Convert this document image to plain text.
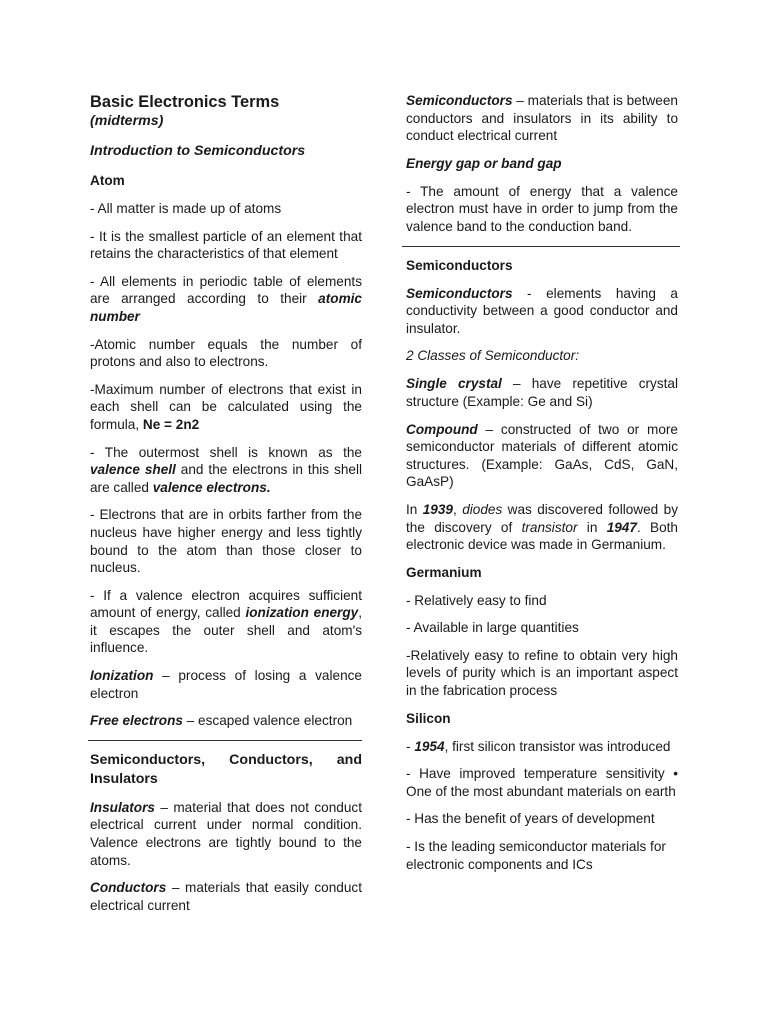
Basic Electronics Terms
(midterms)
Introduction to Semiconductors
Atom

- All matter is made up of atoms

- It is the smallest particle of an element that retains the characteristics of that element

- All elements in periodic table of elements are arranged according to their atomic number

-Atomic number equals the number of protons and also to electrons.

-Maximum number of electrons that exist in each shell can be calculated using the formula, Ne = 2n2

- The outermost shell is known as the valence shell and the electrons in this shell are called valence electrons.

- Electrons that are in orbits farther from the nucleus have higher energy and less tightly bound to the atom than those closer to nucleus.

- If a valence electron acquires sufficient amount of energy, called ionization energy, it escapes the outer shell and atom's influence.

Ionization – process of losing a valence electron

Free electrons – escaped valence electron

Semiconductors, Conductors, and Insulators

Insulators – material that does not conduct electrical current under normal condition. Valence electrons are tightly bound to the atoms.

Conductors – materials that easily conduct electrical current

Semiconductors – materials that is between conductors and insulators in its ability to conduct electrical current

Energy gap or band gap

- The amount of energy that a valence electron must have in order to jump from the valence band to the conduction band.

Semiconductors

Semiconductors - elements having a conductivity between a good conductor and insulator.

2 Classes of Semiconductor:

Single crystal – have repetitive crystal structure (Example: Ge and Si)

Compound – constructed of two or more semiconductor materials of different atomic structures. (Example: GaAs, CdS, GaN, GaAsP)

In 1939, diodes was discovered followed by the discovery of transistor in 1947. Both electronic device was made in Germanium.

Germanium

- Relatively easy to find

- Available in large quantities

-Relatively easy to refine to obtain very high levels of purity which is an important aspect in the fabrication process

Silicon

- 1954, first silicon transistor was introduced

- Have improved temperature sensitivity • One of the most abundant materials on earth

- Has the benefit of years of development

- Is the leading semiconductor materials for electronic components and ICs
